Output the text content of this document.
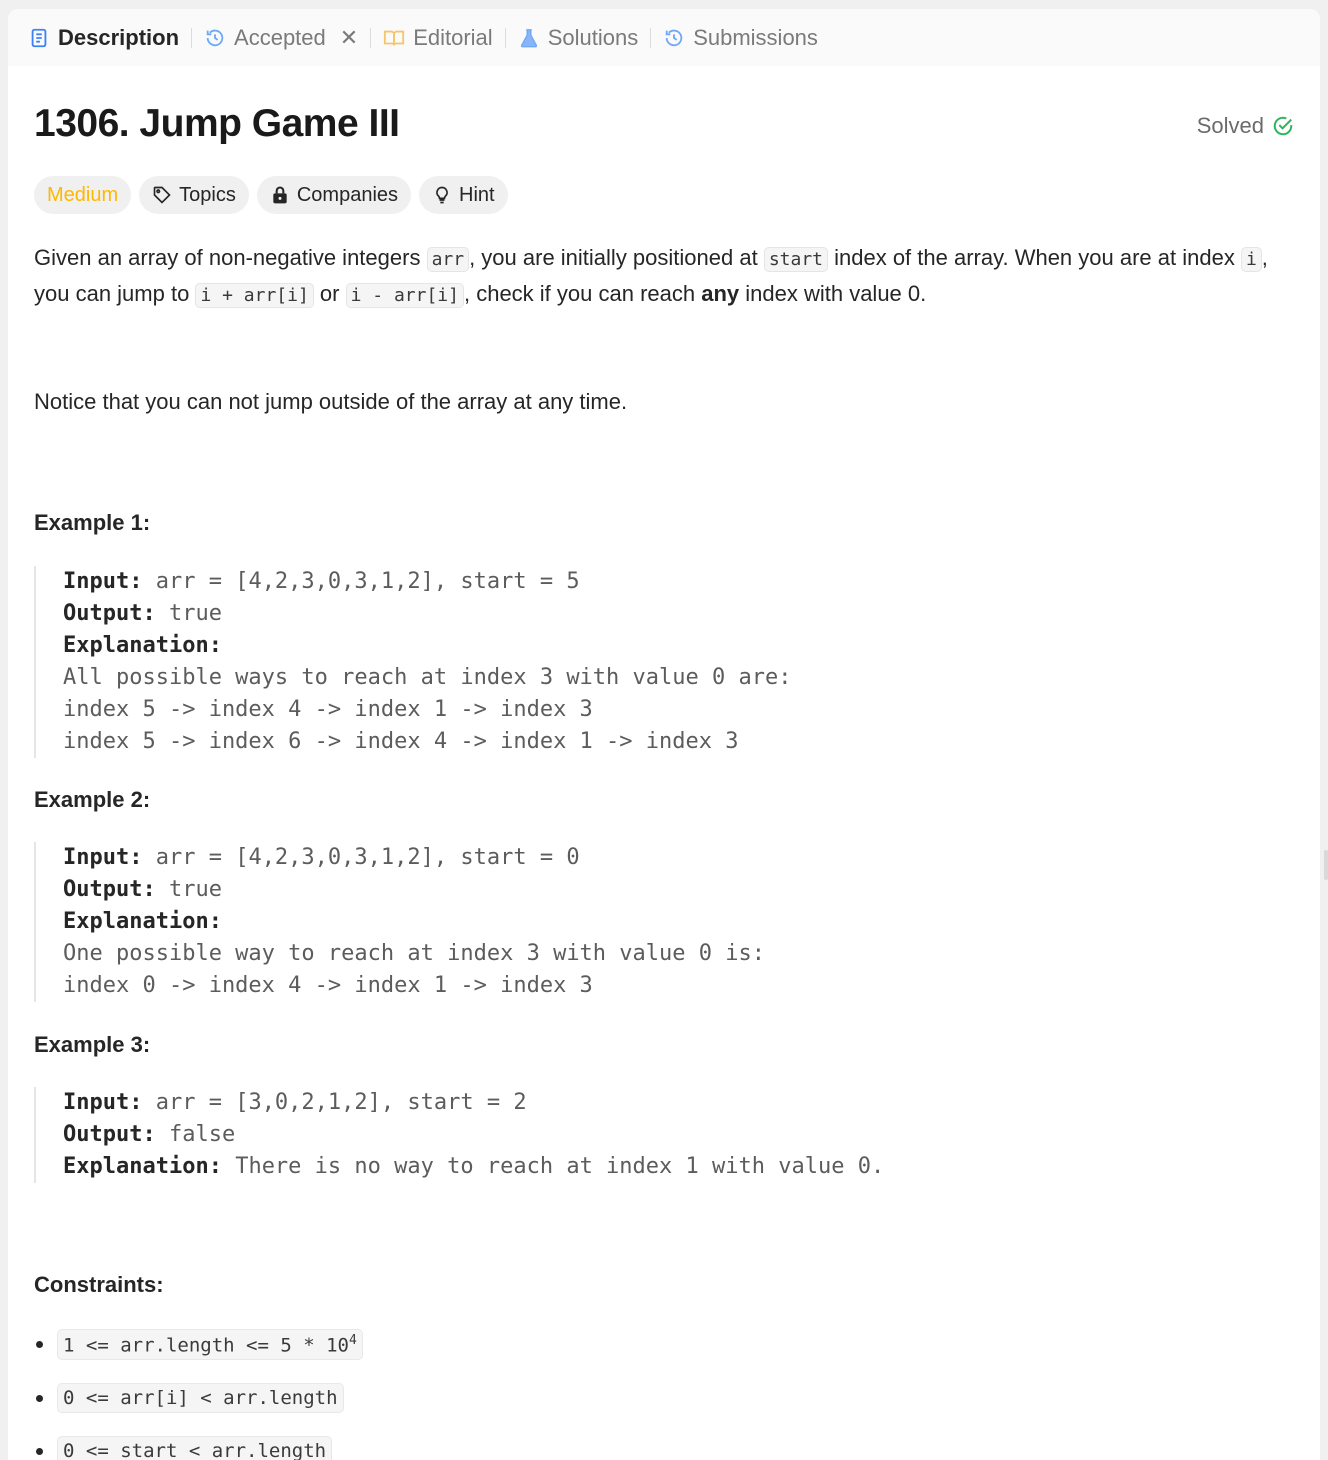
Description	Accepted ✕	Editorial	Solutions	Submissions
1306. Jump Game III	Solved
Medium	Topics	Companies	Hint
Given an array of non-negative integers arr , you are initially positioned at start index of the array. When you are at index i , you can jump to i + arr[i] or i - arr[i] , check if you can reach any index with value 0.
Notice that you can not jump outside of the array at any time.
Example 1:
Input: arr = [4,2,3,0,3,1,2], start = 5
Output: true
Explanation:
All possible ways to reach at index 3 with value 0 are:
index 5 -> index 4 -> index 1 -> index 3
index 5 -> index 6 -> index 4 -> index 1 -> index 3
Example 2:
Input: arr = [4,2,3,0,3,1,2], start = 0
Output: true
Explanation:
One possible way to reach at index 3 with value 0 is:
index 0 -> index 4 -> index 1 -> index 3
Example 3:
Input: arr = [3,0,2,1,2], start = 2
Output: false
Explanation: There is no way to reach at index 1 with value 0.
Constraints:
1 <= arr.length <= $5 * 10^4$
0 <= arr[i] < arr.length
0 <= start < arr.length
